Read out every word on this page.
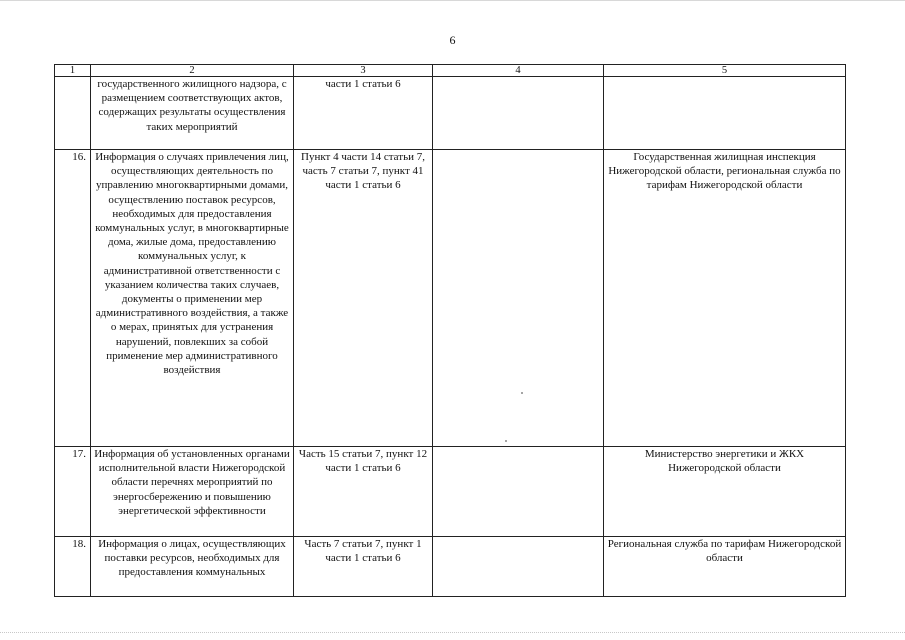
6
1	2	3	4	5
	государственного жилищного надзора, с размещением соответствующих актов, содержащих результаты осуществления таких мероприятий	части 1 статьи 6		
16.	Информация о случаях привлечения лиц, осуществляющих деятельность по управлению многоквартирными домами, осуществлению поставок ресурсов, необходимых для предоставления коммунальных услуг, в многоквартирные дома, жилые дома, предоставлению коммунальных услуг, к административной ответственности с указанием количества таких случаев, документы о применении мер административного воздействия, а также о мерах, принятых для устранения нарушений, повлекших за собой применение мер административного воздействия	Пункт 4 части 14 статьи 7, часть 7 статьи 7, пункт 41 части 1 статьи 6		Государственная жилищная инспекция Нижегородской области, региональная служба по тарифам Нижегородской области
17.	Информация об установленных органами исполнительной власти Нижегородской области перечнях мероприятий по энергосбережению и повышению энергетической эффективности	Часть 15 статьи 7, пункт 12 части 1 статьи 6		Министерство энергетики и ЖКХ Нижегородской области
18.	Информация о лицах, осуществляющих поставки ресурсов, необходимых для предоставления коммунальных	Часть 7 статьи 7, пункт 1 части 1 статьи 6		Региональная служба по тарифам Нижегородской области
